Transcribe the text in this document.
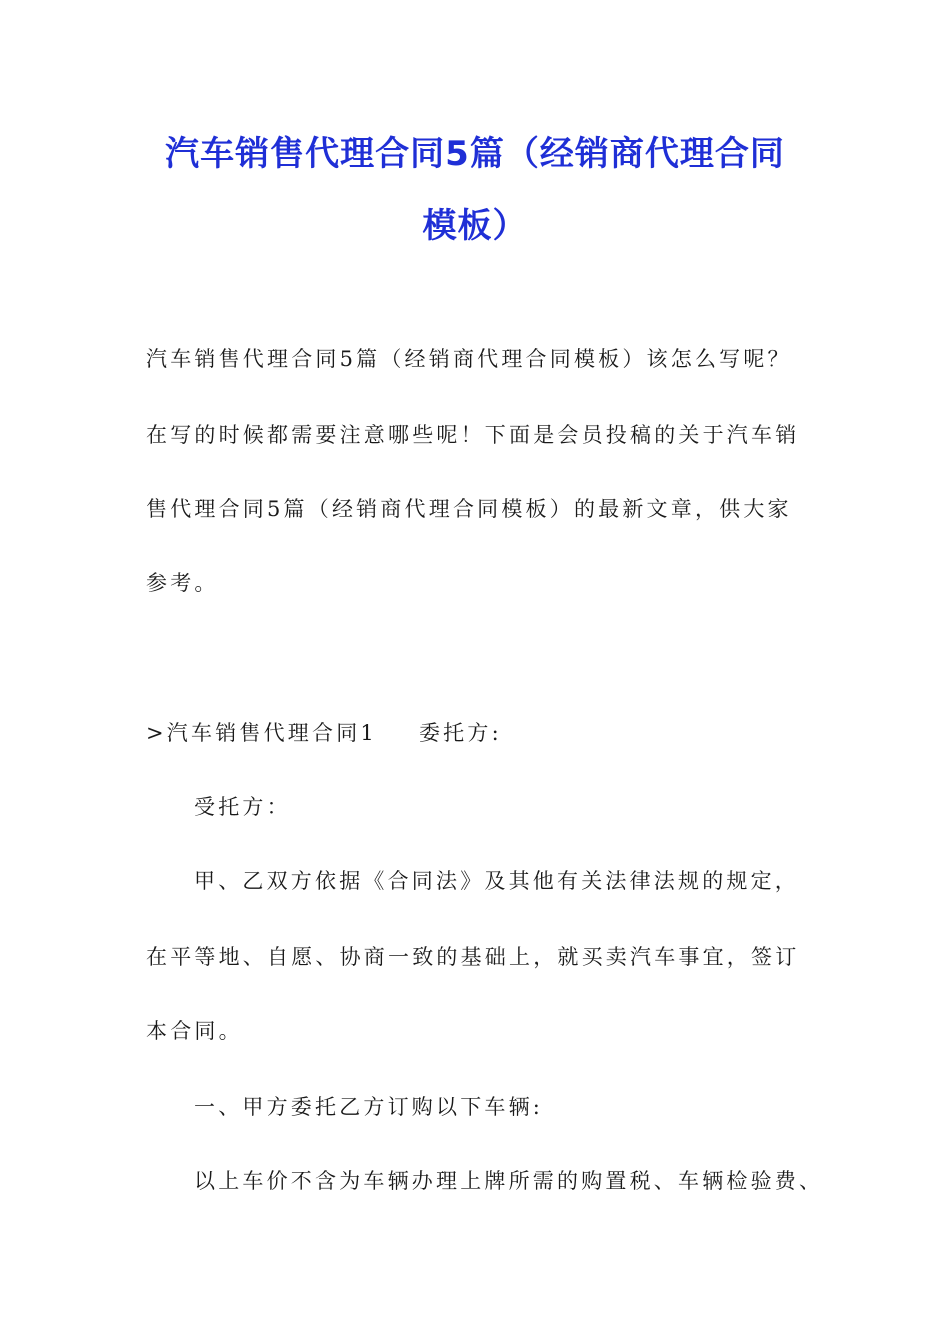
汽车销售代理合同5篇（经销商代理合同
模板）
汽车销售代理合同5篇（经销商代理合同模板）该怎么写呢？
在写的时候都需要注意哪些呢！下面是会员投稿的关于汽车销
售代理合同5篇（经销商代理合同模板）的最新文章，供大家
参考。
>汽车销售代理合同1 委托方:
受托方：
甲、乙双方依据《合同法》及其他有关法律法规的规定，
在平等地、自愿、协商一致的基础上，就买卖汽车事宜，签订
本合同。
一、甲方委托乙方订购以下车辆:
以上车价不含为车辆办理上牌所需的购置税、车辆检验费、
